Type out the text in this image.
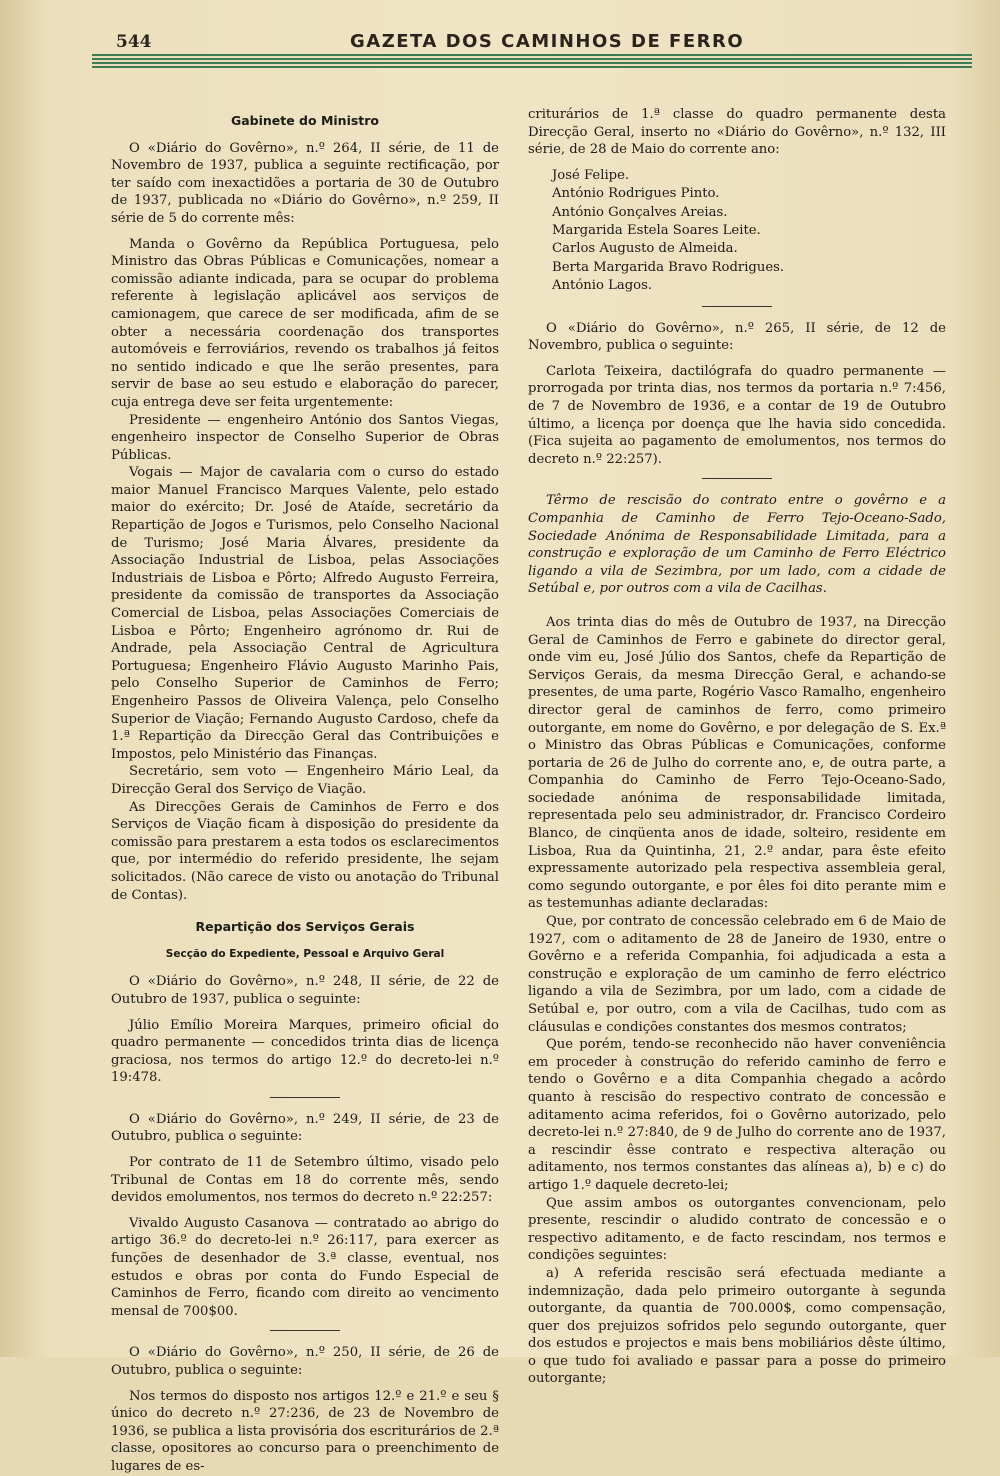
544	GAZETA DOS CAMINHOS DE FERRO
Gabinete do Ministro

O «Diário do Govêrno», n.º 264, II série, de 11 de Novembro de 1937, publica a seguinte rectificação, por ter saído com inexactidões a portaria de 30 de Outubro de 1937, publicada no «Diário do Govêrno», n.º 259, II série de 5 do corrente mês:

Manda o Govêrno da República Portuguesa, pelo Ministro das Obras Públicas e Comunicações, nomear a comissão adiante indicada, para se ocupar do problema referente à legislação aplicável aos serviços de camionagem, que carece de ser modificada, afim de se obter a necessária coordenação dos transportes automóveis e ferroviários, revendo os trabalhos já feitos no sentido indicado e que lhe serão presentes, para servir de base ao seu estudo e elaboração do parecer, cuja entrega deve ser feita urgentemente:

Presidente — engenheiro António dos Santos Viegas, engenheiro inspector de Conselho Superior de Obras Públicas.

Vogais — Major de cavalaria com o curso do estado maior Manuel Francisco Marques Valente, pelo estado maior do exército; Dr. José de Ataíde, secretário da Repartição de Jogos e Turismos, pelo Conselho Nacional de Turismo; José Maria Álvares, presidente da Associação Industrial de Lisboa, pelas Associações Industriais de Lisboa e Pôrto; Alfredo Augusto Ferreira, presidente da comissão de transportes da Associação Comercial de Lisboa, pelas Associações Comerciais de Lisboa e Pôrto; Engenheiro agrónomo dr. Rui de Andrade, pela Associação Central de Agricultura Portuguesa; Engenheiro Flávio Augusto Marinho Pais, pelo Conselho Superior de Caminhos de Ferro; Engenheiro Passos de Oliveira Valença, pelo Conselho Superior de Viação; Fernando Augusto Cardoso, chefe da 1.ª Repartição da Direcção Geral das Contribuições e Impostos, pelo Ministério das Finanças.

Secretário, sem voto — Engenheiro Mário Leal, da Direcção Geral dos Serviço de Viação.

As Direcções Gerais de Caminhos de Ferro e dos Serviços de Viação ficam à disposição do presidente da comissão para prestarem a esta todos os esclarecimentos que, por intermédio do referido presidente, lhe sejam solicitados. (Não carece de visto ou anotação do Tribunal de Contas).

Repartição dos Serviços Gerais
Secção do Expediente, Pessoal e Arquivo Geral

O «Diário do Govêrno», n.º 248, II série, de 22 de Outubro de 1937, publica o seguinte:

Júlio Emílio Moreira Marques, primeiro oficial do quadro permanente — concedidos trinta dias de licença graciosa, nos termos do artigo 12.º do decreto-lei n.º 19:478.

O «Diário do Govêrno», n.º 249, II série, de 23 de Outubro, publica o seguinte:

Por contrato de 11 de Setembro último, visado pelo Tribunal de Contas em 18 do corrente mês, sendo devidos emolumentos, nos termos do decreto n.º 22:257:

Vivaldo Augusto Casanova — contratado ao abrigo do artigo 36.º do decreto-lei n.º 26:117, para exercer as funções de desenhador de 3.ª classe, eventual, nos estudos e obras por conta do Fundo Especial de Caminhos de Ferro, ficando com direito ao vencimento mensal de 700$00.

O «Diário do Govêrno», n.º 250, II série, de 26 de Outubro, publica o seguinte:

Nos termos do disposto nos artigos 12.º e 21.º e seu § único do decreto n.º 27:236, de 23 de Novembro de 1936, se publica a lista provisória dos escriturários de 2.ª classe, opositores ao concurso para o preenchimento de lugares de es-

criturários de 1.ª classe do quadro permanente desta Direcção Geral, inserto no «Diário do Govêrno», n.º 132, III série, de 28 de Maio do corrente ano:

José Felipe.
António Rodrigues Pinto.
António Gonçalves Areias.
Margarida Estela Soares Leite.
Carlos Augusto de Almeida.
Berta Margarida Bravo Rodrigues.
António Lagos.

O «Diário do Govêrno», n.º 265, II série, de 12 de Novembro, publica o seguinte:

Carlota Teixeira, dactilógrafa do quadro permanente — prorrogada por trinta dias, nos termos da portaria n.º 7:456, de 7 de Novembro de 1936, e a contar de 19 de Outubro último, a licença por doença que lhe havia sido concedida. (Fica sujeita ao pagamento de emolumentos, nos termos do decreto n.º 22:257).

Têrmo de rescisão do contrato entre o govêrno e a Companhia de Caminho de Ferro Tejo-Oceano-Sado, Sociedade Anónima de Responsabilidade Limitada, para a construção e exploração de um Caminho de Ferro Eléctrico ligando a vila de Sezimbra, por um lado, com a cidade de Setúbal e, por outros com a vila de Cacilhas.

Aos trinta dias do mês de Outubro de 1937, na Direcção Geral de Caminhos de Ferro e gabinete do director geral, onde vim eu, José Júlio dos Santos, chefe da Repartição de Serviços Gerais, da mesma Direcção Geral, e achando-se presentes, de uma parte, Rogério Vasco Ramalho, engenheiro director geral de caminhos de ferro, como primeiro outorgante, em nome do Govêrno, e por delegação de S. Ex.ª o Ministro das Obras Públicas e Comunicações, conforme portaria de 26 de Julho do corrente ano, e, de outra parte, a Companhia do Caminho de Ferro Tejo-Oceano-Sado, sociedade anónima de responsabilidade limitada, representada pelo seu administrador, dr. Francisco Cordeiro Blanco, de cinqüenta anos de idade, solteiro, residente em Lisboa, Rua da Quintinha, 21, 2.º andar, para êste efeito expressamente autorizado pela respectiva assembleia geral, como segundo outorgante, e por êles foi dito perante mim e as testemunhas adiante declaradas:

Que, por contrato de concessão celebrado em 6 de Maio de 1927, com o aditamento de 28 de Janeiro de 1930, entre o Govêrno e a referida Companhia, foi adjudicada a esta a construção e exploração de um caminho de ferro eléctrico ligando a vila de Sezimbra, por um lado, com a cidade de Setúbal e, por outro, com a vila de Cacilhas, tudo com as cláusulas e condições constantes dos mesmos contratos;

Que porém, tendo-se reconhecido não haver conveniência em proceder à construção do referido caminho de ferro e tendo o Govêrno e a dita Companhia chegado a acôrdo quanto à rescisão do respectivo contrato de concessão e aditamento acima referidos, foi o Govêrno autorizado, pelo decreto-lei n.º 27:840, de 9 de Julho do corrente ano de 1937, a rescindir êsse contrato e respectiva alteração ou aditamento, nos termos constantes das alíneas a), b) e c) do artigo 1.º daquele decreto-lei;

Que assim ambos os outorgantes convencionam, pelo presente, rescindir o aludido contrato de concessão e o respectivo aditamento, e de facto rescindam, nos termos e condições seguintes:

a) A referida rescisão será efectuada mediante a indemnização, dada pelo primeiro outorgante à segunda outorgante, da quantia de 700.000$, como compensação, quer dos prejuizos sofridos pelo segundo outorgante, quer dos estudos e projectos e mais bens mobiliários dêste último, o que tudo foi avaliado e passar para a posse do primeiro outorgante;
